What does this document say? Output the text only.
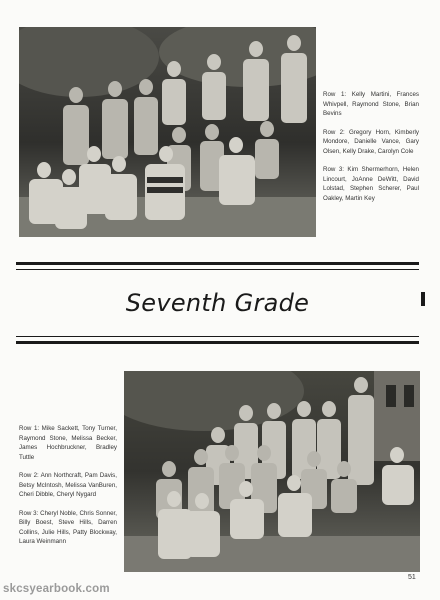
Row 1: Kelly Martini, Frances Whivpell, Raymond Stone, Brian Bevins

Row 2: Gregory Horn, Kimberly Mondore, Danielle Vance, Gary Olsen, Kelly Drake, Carolyn Cole

Row 3: Kim Shermerhorn, Helen Lincourt, JoAnne DeWitt, David Lolstad, Stephen Scherer, Paul Oakley, Martin Key

Seventh Grade

Row 1: Mike Sackett, Tony Turner, Raymond Stone, Melissa Becker, James Hochbruckner, Bradley Tuttle

Row 2: Ann Northcraft, Pam Davis, Betsy McIntosh, Melissa VanBuren, Cheri Dibble, Cheryl Nygard

Row 3: Cheryl Noble, Chris Sonner, Billy Boest, Steve Hills, Darren Collins, Julie Hills, Patty Blockway, Laura Weinmann

51
skcsyearbook.com
